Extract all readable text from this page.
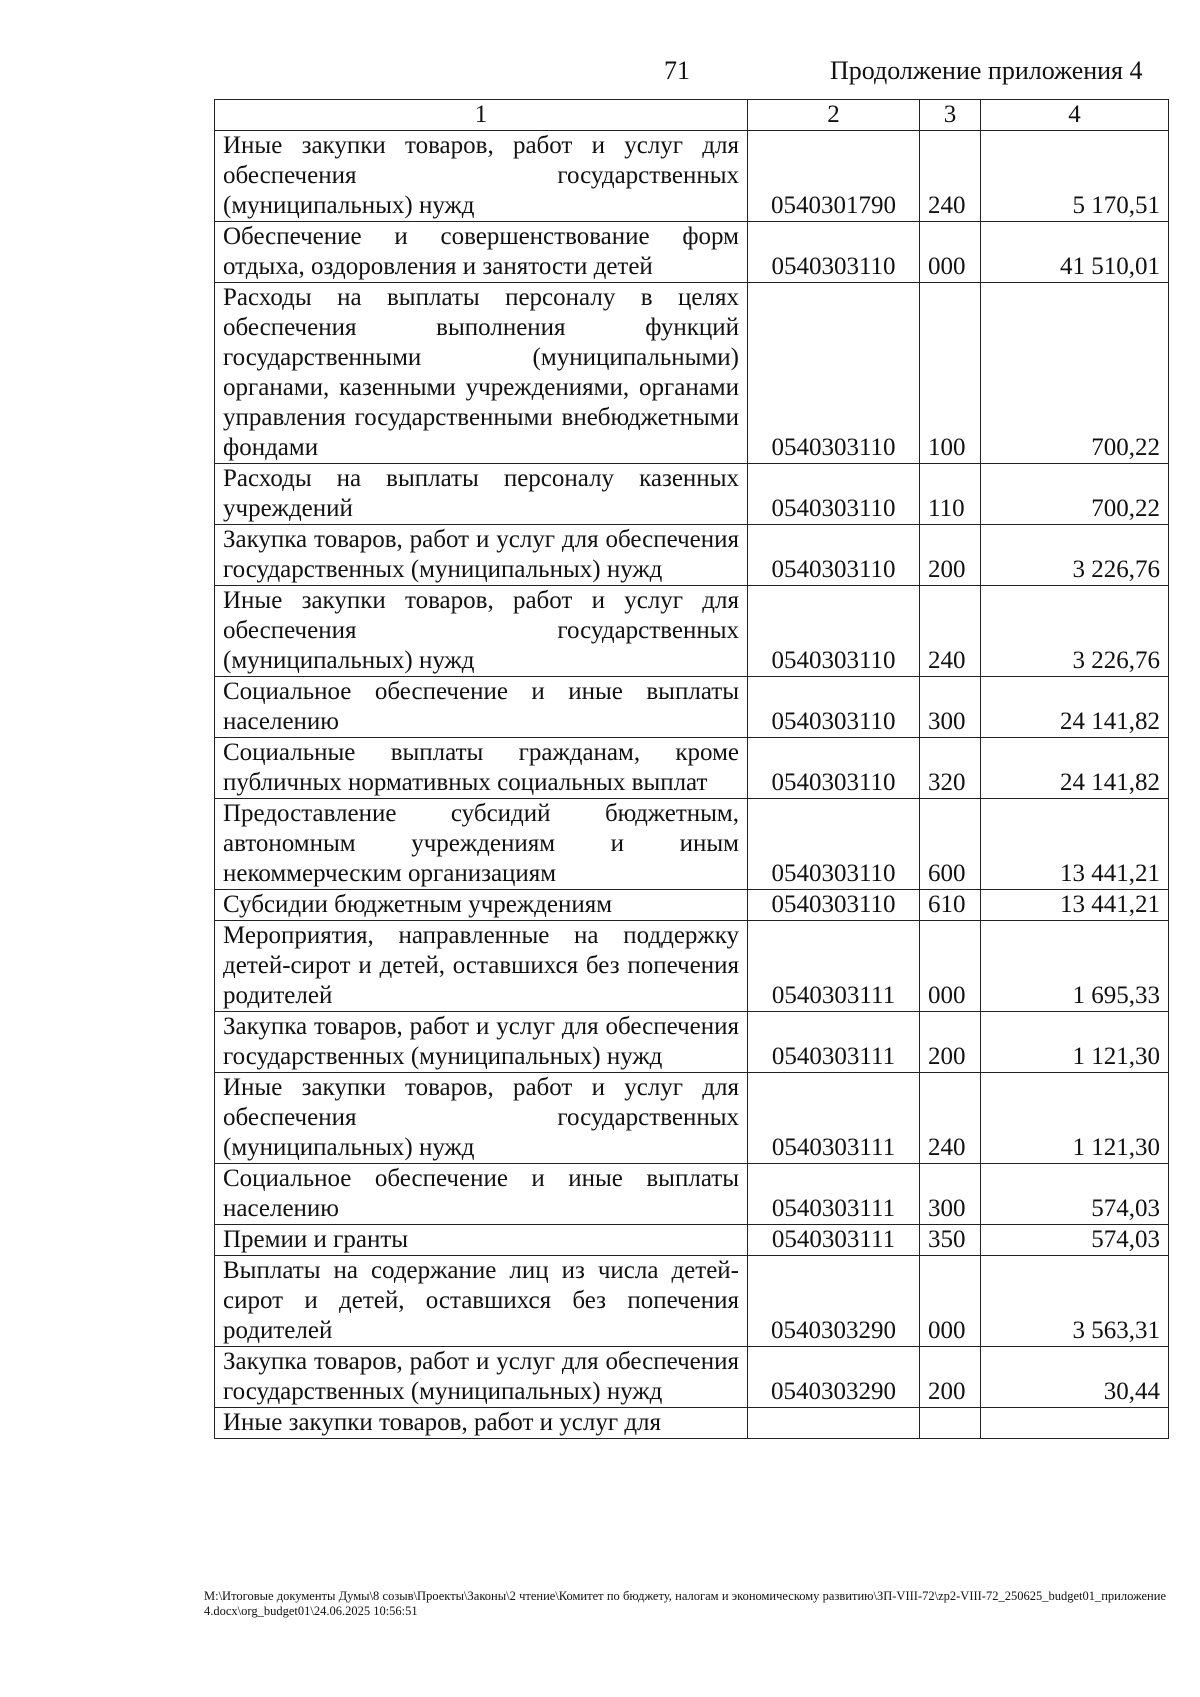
71	Продолжение приложения 4
1	2	3	4
Иные закупки товаров, работ и услуг для обеспечения государственных (муниципальных) нужд	0540301790	240	5 170,51
Обеспечение и совершенствование форм отдыха, оздоровления и занятости детей	0540303110	000	41 510,01
Расходы на выплаты персоналу в целях обеспечения выполнения функций государственными (муниципальными) органами, казенными учреждениями, органами управления государственными внебюджетными фондами	0540303110	100	700,22
Расходы на выплаты персоналу казенных учреждений	0540303110	110	700,22
Закупка товаров, работ и услуг для обеспечения государственных (муниципальных) нужд	0540303110	200	3 226,76
Иные закупки товаров, работ и услуг для обеспечения государственных (муниципальных) нужд	0540303110	240	3 226,76
Социальное обеспечение и иные выплаты населению	0540303110	300	24 141,82
Социальные выплаты гражданам, кроме публичных нормативных социальных выплат	0540303110	320	24 141,82
Предоставление субсидий бюджетным, автономным учреждениям и иным некоммерческим организациям	0540303110	600	13 441,21
Субсидии бюджетным учреждениям	0540303110	610	13 441,21
Мероприятия, направленные на поддержку детей-сирот и детей, оставшихся без попечения родителей	0540303111	000	1 695,33
Закупка товаров, работ и услуг для обеспечения государственных (муниципальных) нужд	0540303111	200	1 121,30
Иные закупки товаров, работ и услуг для обеспечения государственных (муниципальных) нужд	0540303111	240	1 121,30
Социальное обеспечение и иные выплаты населению	0540303111	300	574,03
Премии и гранты	0540303111	350	574,03
Выплаты на содержание лиц из числа детей-сирот и детей, оставшихся без попечения родителей	0540303290	000	3 563,31
Закупка товаров, работ и услуг для обеспечения государственных (муниципальных) нужд	0540303290	200	30,44
Иные закупки товаров, работ и услуг для			
M:\Итоговые документы Думы\8 созыв\Проекты\Законы\2 чтение\Комитет по бюджету, налогам и экономическому развитию\ЗП-VIII-72\zp2-VIII-72_250625_budget01_приложение4.docx\org_budget01\24.06.2025 10:56:51
